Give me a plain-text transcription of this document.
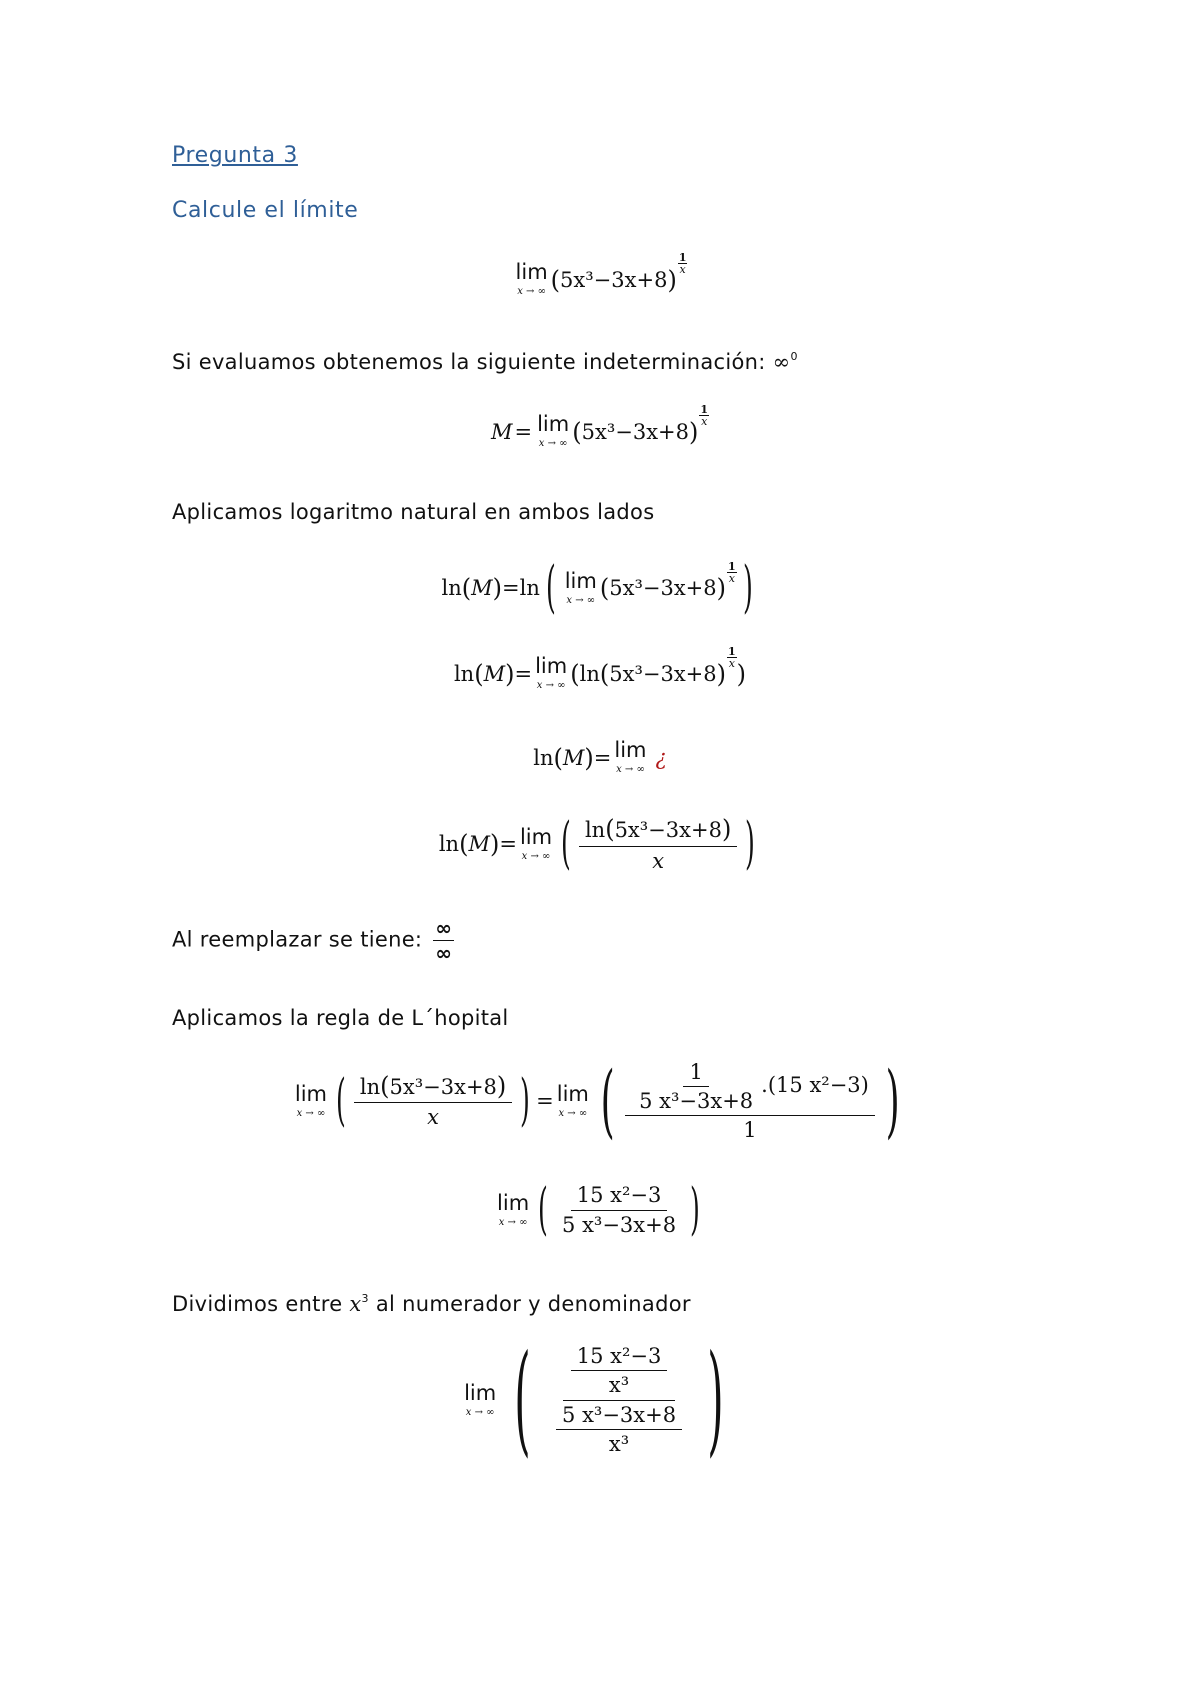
Pregunta 3
Calcule el límite
lim
x → ∞ ( 5x³−3x+8 )
$\frac{1}{x}$
Si evaluamos obtenemos la siguiente indeterminación: ∞$^0$
M = lim
x → ∞ ( 5x³−3x+8 )
$\frac{1}{x}$
Aplicamos logaritmo natural en ambos lados
ln ( M ) = ln ( lim
x → ∞ ( 5x³−3x+8 )
$\frac{1}{x}$ )
ln ( M ) = lim
x → ∞ ( ln ( 5x³−3x+8 )
$\frac{1}{x}$
)
ln ( M ) = lim
x → ∞ ¿
ln ( M ) = lim
x → ∞ ( $\frac{\text{ln(5x³−3x+8)}}{x}$ )
Al reemplazar se tiene: $\frac{\infty}{\infty}$
Aplicamos la regla de L´hopital
lim
x → ∞ ( $\frac{\text{ln(5x³−3x+8)}}{x}$ ) = lim
x → ∞ ( $\frac{\frac{1}{\text{5 x³−3x+8}} .(15 x^2-3)}{1}$ )
lim
x → ∞ ( $\frac{\text{15 x²−3}}{\text{5 x³−3x+8}}$ )
Dividimos entre $x^3$ al numerador y denominador
lim
x → ∞ ( $\frac{\frac{\text{15 x²−3}}{\text{x³}}}{\frac{\text{5 x³−3x+8}}{\text{x³}}}$ )
